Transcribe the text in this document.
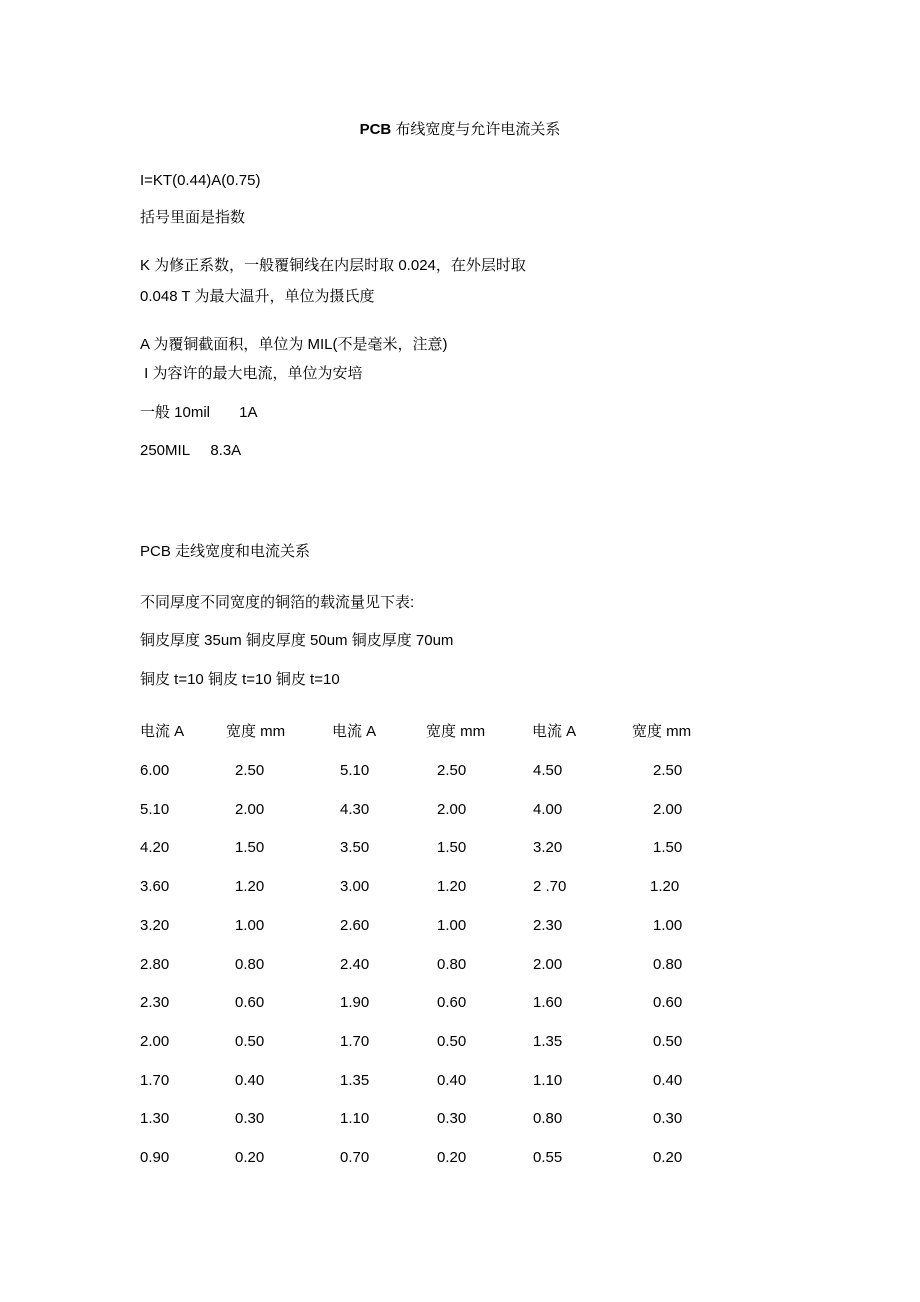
PCB 布线宽度与允许电流关系
I=KT(0.44)A(0.75)
括号里面是指数
K 为修正系数，一般覆铜线在内层时取 0.024，在外层时取
0.048 T 为最大温升，单位为摄氏度
A 为覆铜截面积，单位为 MIL(不是毫米，注意)
I 为容许的最大电流，单位为安培
一般 10mil       1A
250MIL     8.3A
PCB 走线宽度和电流关系
不同厚度不同宽度的铜箔的载流量见下表:
铜皮厚度 35um 铜皮厚度 50um 铜皮厚度 70um
铜皮 t=10 铜皮 t=10 铜皮 t=10
电流 A	宽度 mm	电流 A	宽度 mm	电流 A	宽度 mm
6.00	2.50	5.10	2.50	4.50	2.50
5.10	2.00	4.30	2.00	4.00	2.00
4.20	1.50	3.50	1.50	3.20	1.50
3.60	1.20	3.00	1.20	2 .70	1.20
3.20	1.00	2.60	1.00	2.30	1.00
2.80	0.80	2.40	0.80	2.00	0.80
2.30	0.60	1.90	0.60	1.60	0.60
2.00	0.50	1.70	0.50	1.35	0.50
1.70	0.40	1.35	0.40	1.10	0.40
1.30	0.30	1.10	0.30	0.80	0.30
0.90	0.20	0.70	0.20	0.55	0.20
